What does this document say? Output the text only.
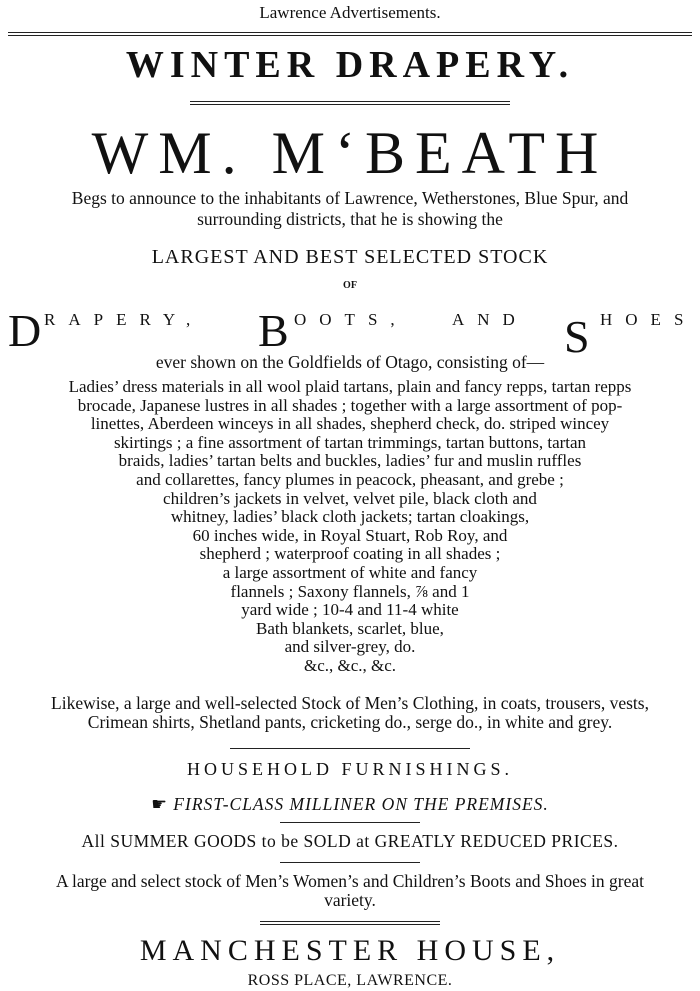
Lawrence Advertisements.
WINTER DRAPERY.
WM. M‘BEATH
Begs to announce to the inhabitants of Lawrence, Wetherstones, Blue Spur, and
surrounding districts, that he is showing the
LARGEST AND BEST SELECTED STOCK
OF
D RAPERY, B OOTS,	AND S HOES
ever shown on the Goldfields of Otago, consisting of—

Ladies’ dress materials in all wool plaid tartans, plain and fancy repps, tartan repps

brocade, Japanese lustres in all shades ; together with a large assortment of pop-

linettes, Aberdeen winceys in all shades, shepherd check, do. striped wincey

skirtings ; a fine assortment of tartan trimmings, tartan buttons, tartan

braids, ladies’ tartan belts and buckles, ladies’ fur and muslin ruffles

and collarettes, fancy plumes in peacock, pheasant, and grebe ;

children’s jackets in velvet, velvet pile, black cloth and

whitney, ladies’ black cloth jackets; tartan cloakings,

60 inches wide, in Royal Stuart, Rob Roy, and

shepherd ; waterproof coating in all shades ;

a large assortment of white and fancy

flannels ; Saxony flannels, ⅞ and 1

yard wide ; 10-4 and 11-4 white

Bath blankets, scarlet, blue,

and silver-grey, do.

&c., &c., &c.

Likewise, a large and well-selected Stock of Men’s Clothing, in coats, trousers, vests,
Crimean shirts, Shetland pants, cricketing do., serge do., in white and grey.
HOUSEHOLD FURNISHINGS.
☛ FIRST-CLASS MILLINER ON THE PREMISES.
All SUMMER GOODS to be SOLD at GREATLY REDUCED PRICES.
A large and select stock of Men’s Women’s and Children’s Boots and Shoes in great
variety.
MANCHESTER HOUSE,
ROSS PLACE, LAWRENCE.
